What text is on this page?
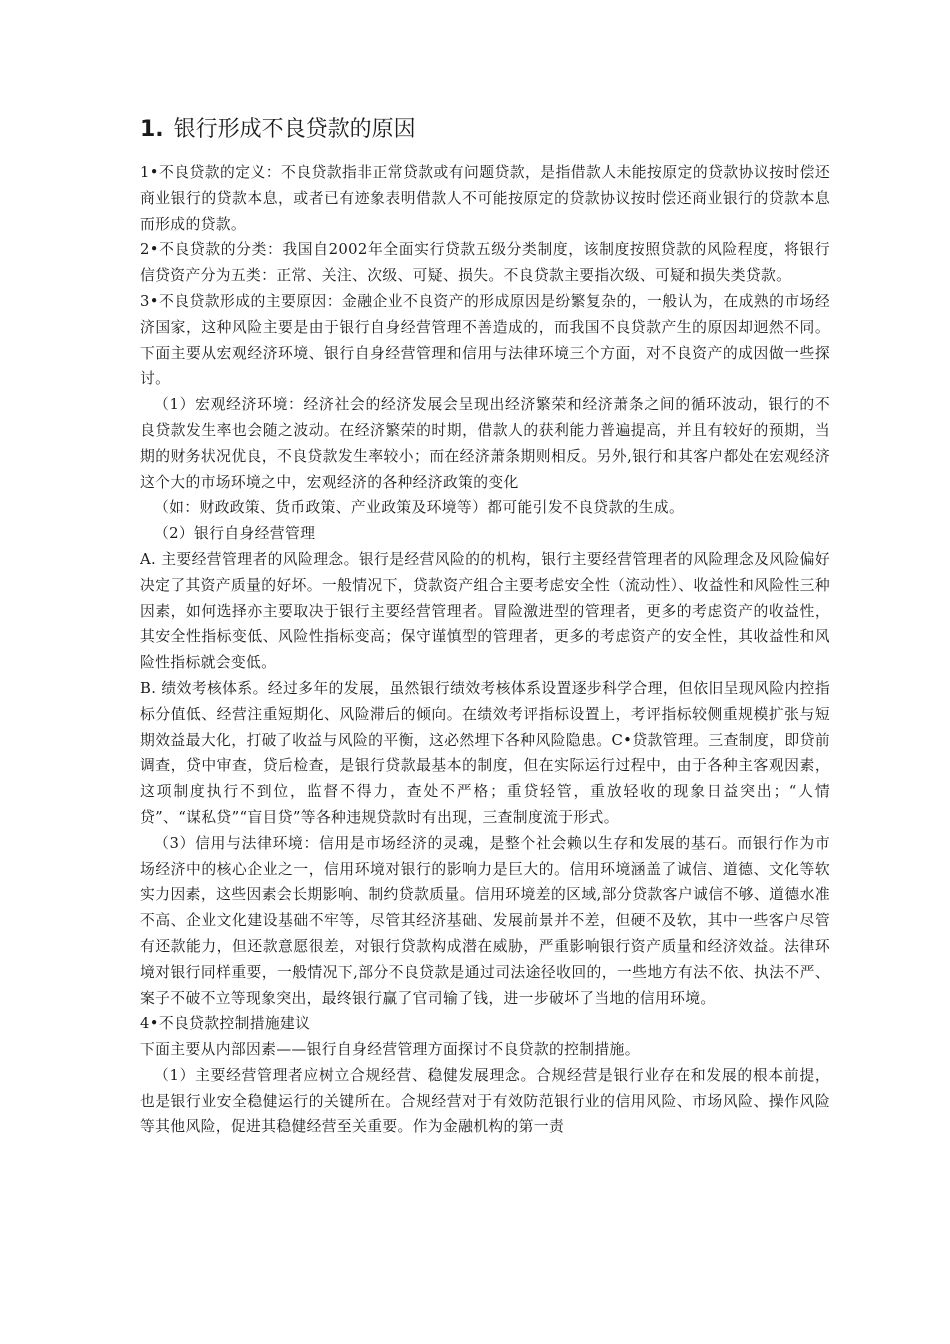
1. 银行形成不良贷款的原因

1•不良贷款的定义：不良贷款指非正常贷款或有问题贷款，是指借款人未能按原定的贷款协议按时偿还商业银行的贷款本息，或者已有迹象表明借款人不可能按原定的贷款协议按时偿还商业银行的贷款本息而形成的贷款。

2•不良贷款的分类：我国自2002年全面实行贷款五级分类制度，该制度按照贷款的风险程度，将银行信贷资产分为五类：正常、关注、次级、可疑、损失。不良贷款主要指次级、可疑和损失类贷款。

3•不良贷款形成的主要原因：金融企业不良资产的形成原因是纷繁复杂的，一般认为，在成熟的市场经济国家，这种风险主要是由于银行自身经营管理不善造成的，而我国不良贷款产生的原因却迥然不同。下面主要从宏观经济环境、银行自身经营管理和信用与法律环境三个方面，对不良资产的成因做一些探讨。

（1）宏观经济环境：经济社会的经济发展会呈现出经济繁荣和经济萧条之间的循环波动，银行的不良贷款发生率也会随之波动。在经济繁荣的时期，借款人的获利能力普遍提高，并且有较好的预期，当期的财务状况优良，不良贷款发生率较小；而在经济萧条期则相反。另外,银行和其客户都处在宏观经济这个大的市场环境之中，宏观经济的各种经济政策的变化

（如：财政政策、货币政策、产业政策及环境等）都可能引发不良贷款的生成。

（2）银行自身经营管理

A. 主要经营管理者的风险理念。银行是经营风险的的机构，银行主要经营管理者的风险理念及风险偏好决定了其资产质量的好坏。一般情况下，贷款资产组合主要考虑安全性（流动性）、收益性和风险性三种因素，如何选择亦主要取决于银行主要经营管理者。冒险激进型的管理者，更多的考虑资产的收益性，其安全性指标变低、风险性指标变高；保守谨慎型的管理者，更多的考虑资产的安全性，其收益性和风险性指标就会变低。

B. 绩效考核体系。经过多年的发展，虽然银行绩效考核体系设置逐步科学合理，但依旧呈现风险内控指标分值低、经营注重短期化、风险滞后的倾向。在绩效考评指标设置上，考评指标较侧重规模扩张与短期效益最大化，打破了收益与风险的平衡，这必然埋下各种风险隐患。C•贷款管理。三查制度，即贷前调查，贷中审查，贷后检查，是银行贷款最基本的制度，但在实际运行过程中，由于各种主客观因素，这项制度执行不到位，监督不得力，查处不严格；重贷轻管，重放轻收的现象日益突出；“人情贷”、“谋私贷”“盲目贷”等各种违规贷款时有出现，三查制度流于形式。

（3）信用与法律环境：信用是市场经济的灵魂，是整个社会赖以生存和发展的基石。而银行作为市场经济中的核心企业之一，信用环境对银行的影响力是巨大的。信用环境涵盖了诚信、道德、文化等软实力因素，这些因素会长期影响、制约贷款质量。信用环境差的区域,部分贷款客户诚信不够、道德水准不高、企业文化建设基础不牢等，尽管其经济基础、发展前景并不差，但硬不及软，其中一些客户尽管有还款能力，但还款意愿很差，对银行贷款构成潜在威胁，严重影响银行资产质量和经济效益。法律环境对银行同样重要，一般情况下,部分不良贷款是通过司法途径收回的，一些地方有法不依、执法不严、案子不破不立等现象突出，最终银行赢了官司输了钱，进一步破坏了当地的信用环境。

4•不良贷款控制措施建议

下面主要从内部因素——银行自身经营管理方面探讨不良贷款的控制措施。

（1）主要经营管理者应树立合规经营、稳健发展理念。合规经营是银行业存在和发展的根本前提，也是银行业安全稳健运行的关键所在。合规经营对于有效防范银行业的信用风险、市场风险、操作风险等其他风险，促进其稳健经营至关重要。作为金融机构的第一责
